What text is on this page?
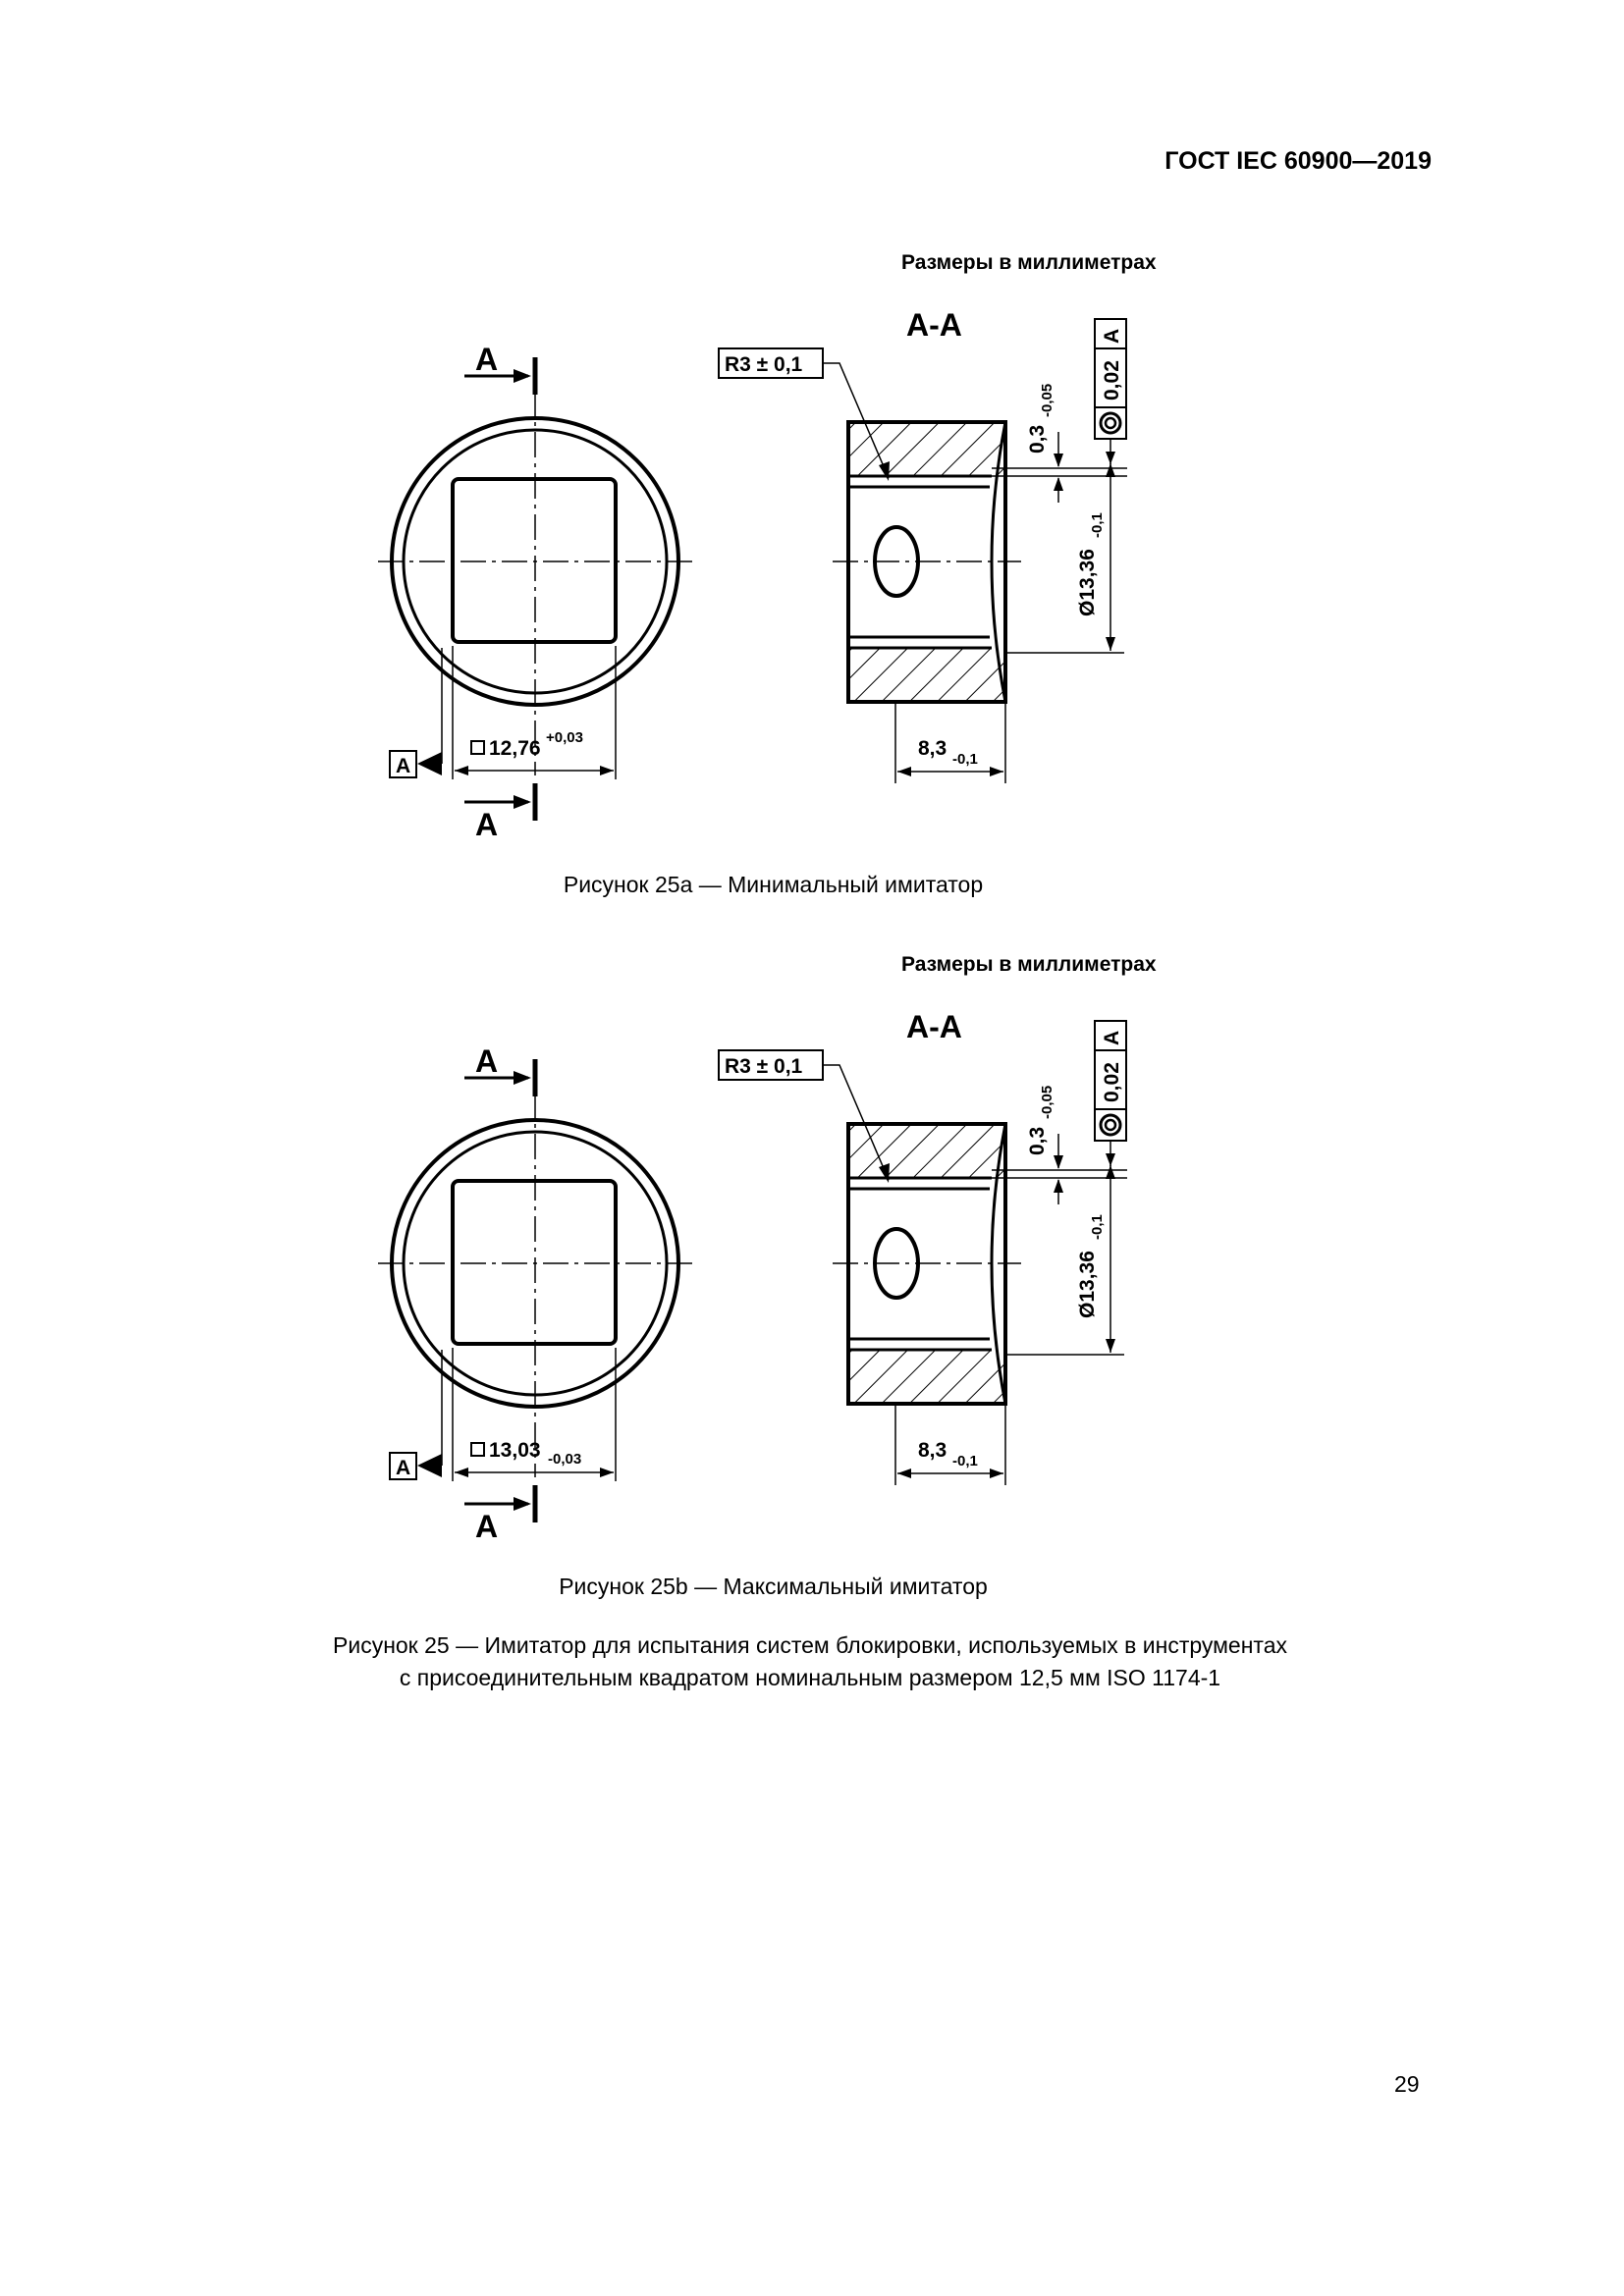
ГОСТ IEC 60900—2019
Размеры в миллиметрах
А
А
12,76 +0,03
A
А-А
R3 ± 0,1
8,3 -0,1
0,3
-0,05
Ø13,36
-0,1
0,02
A
Рисунок 25а — Минимальный имитатор
Размеры в миллиметрах
А
А
13,03 -0,03
A
А-А
R3 ± 0,1
8,3 -0,1
0,3
-0,05
Ø13,36
-0,1
0,02
A
Рисунок 25b — Максимальный имитатор
Рисунок 25 — Имитатор для испытания систем блокировки, используемых в инструментах
с присоединительным квадратом номинальным размером 12,5 мм ISO 1174-1
29
